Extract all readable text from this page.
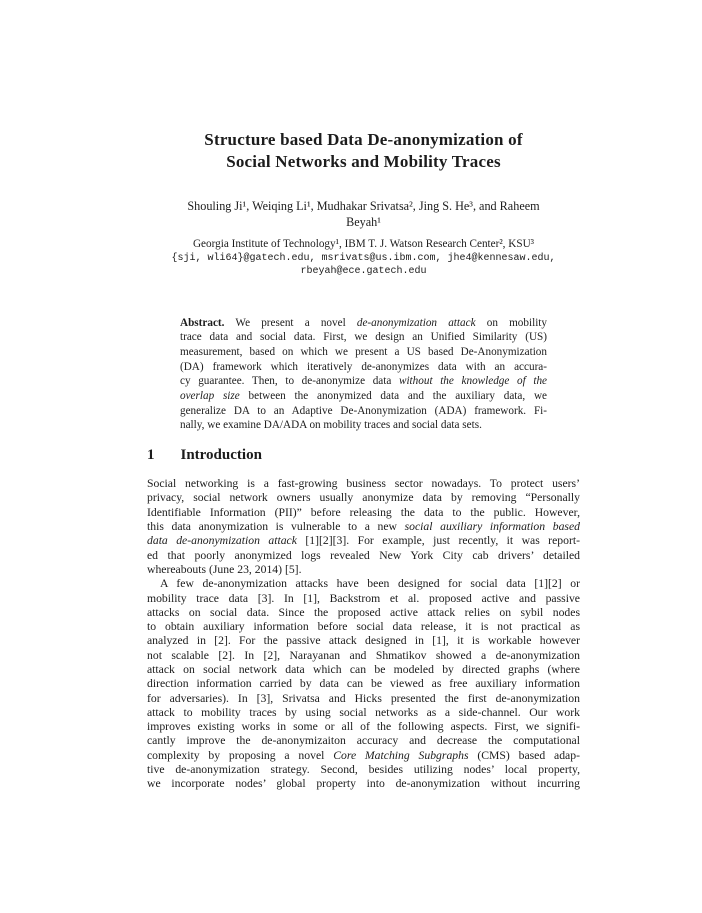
Structure based Data De-anonymization of
Social Networks and Mobility Traces
Shouling Ji¹, Weiqing Li¹, Mudhakar Srivatsa², Jing S. He³, and Raheem
Beyah¹
Georgia Institute of Technology¹, IBM T. J. Watson Research Center², KSU³
{sji, wli64}@gatech.edu, msrivats@us.ibm.com, jhe4@kennesaw.edu,
rbeyah@ece.gatech.edu
Abstract. We present a novel de-anonymization attack on mobility
trace data and social data. First, we design an Unified Similarity (US)
measurement, based on which we present a US based De-Anonymization
(DA) framework which iteratively de-anonymizes data with an accura-
cy guarantee. Then, to de-anonymize data without the knowledge of the
overlap size between the anonymized data and the auxiliary data, we
generalize DA to an Adaptive De-Anonymization (ADA) framework. Fi-
nally, we examine DA/ADA on mobility traces and social data sets.
1 Introduction
Social networking is a fast-growing business sector nowadays. To protect users’
privacy, social network owners usually anonymize data by removing “Personally
Identifiable Information (PII)” before releasing the data to the public. However,
this data anonymization is vulnerable to a new social auxiliary information based
data de-anonymization attack [1][2][3]. For example, just recently, it was report-
ed that poorly anonymized logs revealed New York City cab drivers’ detailed
whereabouts (June 23, 2014) [5].
A few de-anonymization attacks have been designed for social data [1][2] or
mobility trace data [3]. In [1], Backstrom et al. proposed active and passive
attacks on social data. Since the proposed active attack relies on sybil nodes
to obtain auxiliary information before social data release, it is not practical as
analyzed in [2]. For the passive attack designed in [1], it is workable however
not scalable [2]. In [2], Narayanan and Shmatikov showed a de-anonymization
attack on social network data which can be modeled by directed graphs (where
direction information carried by data can be viewed as free auxiliary information
for adversaries). In [3], Srivatsa and Hicks presented the first de-anonymization
attack to mobility traces by using social networks as a side-channel. Our work
improves existing works in some or all of the following aspects. First, we signifi-
cantly improve the de-anonymizaiton accuracy and decrease the computational
complexity by proposing a novel Core Matching Subgraphs (CMS) based adap-
tive de-anonymization strategy. Second, besides utilizing nodes’ local property,
we incorporate nodes’ global property into de-anonymization without incurring
